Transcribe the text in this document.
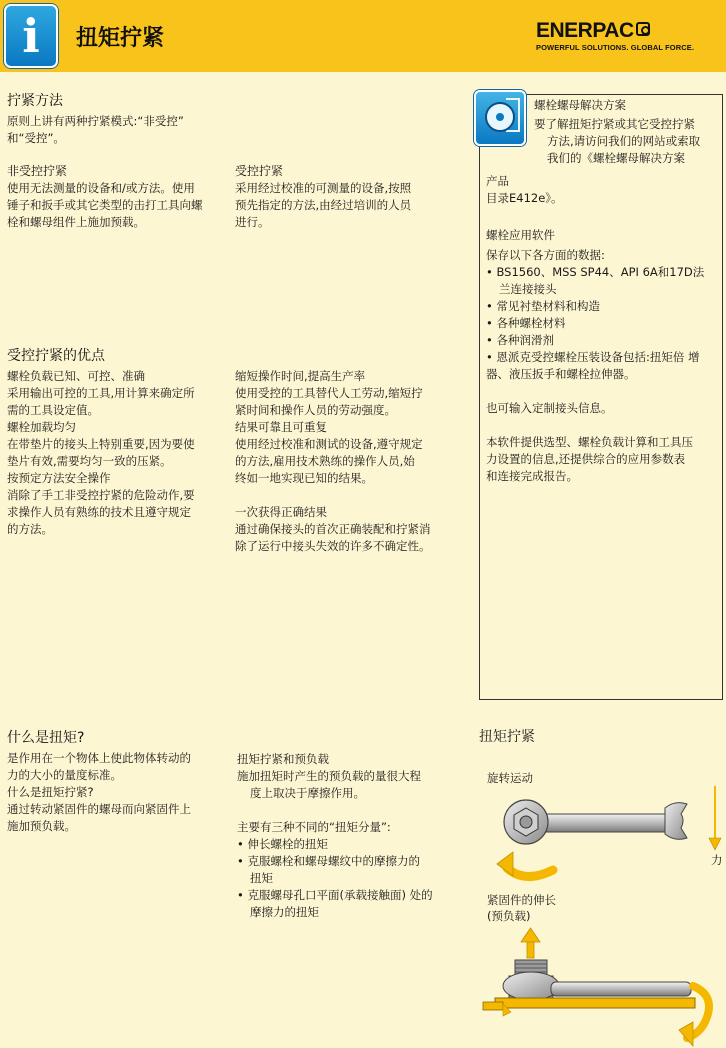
i	扭矩拧紧	ENERPAC
POWERFUL SOLUTIONS. GLOBAL FORCE.
拧紧方法

原则上讲有两种拧紧模式:“非受控”

和“受控”。

非受控拧紧

使用无法测量的设备和/或方法。使用

锤子和扳手或其它类型的击打工具向螺

栓和螺母组件上施加预载。

受控拧紧

采用经过校准的可测量的设备,按照

预先指定的方法,由经过培训的人员

进行。

受控拧紧的优点

螺栓负载已知、可控、准确

采用输出可控的工具,用计算来确定所

需的工具设定值。

螺栓加载均匀

在带垫片的接头上特别重要,因为要使

垫片有效,需要均匀一致的压紧。

按预定方法安全操作

消除了手工非受控拧紧的危险动作,要

求操作人员有熟练的技术且遵守规定

的方法。

缩短操作时间,提高生产率

使用受控的工具替代人工劳动,缩短拧

紧时间和操作人员的劳动强度。

结果可靠且可重复

使用经过校准和测试的设备,遵守规定

的方法,雇用技术熟练的操作人员,始

终如一地实现已知的结果。

一次获得正确结果

通过确保接头的首次正确装配和拧紧消

除了运行中接头失效的许多不确定性。

螺栓螺母解决方案

要了解扭矩拧紧或其它受控拧紧

方法,请访问我们的网站或索取

我们的《螺栓螺母解决方案

产品

目录E412e》。

螺栓应用软件

保存以下各方面的数据:

• BS1560、MSS SP44、API 6A和17D法
兰连接接头

• 常见衬垫材料和构造

• 各种螺栓材料

• 各种润滑剂

• 恩派克受控螺栓压装设备包括:扭矩倍 增

器、液压扳手和螺栓拉伸器。

也可输入定制接头信息。

本软件提供选型、螺栓负载计算和工具压

力设置的信息,还提供综合的应用参数表

和连接完成报告。

什么是扭矩?

是作用在一个物体上使此物体转动的

力的大小的量度标准。

什么是扭矩拧紧?

通过转动紧固件的螺母而向紧固件上

施加预负载。

扭矩拧紧和预负载

施加扭矩时产生的预负载的量很大程

度上取决于摩擦作用。

主要有三种不同的“扭矩分量”:

• 伸长螺栓的扭矩

• 克服螺栓和螺母螺纹中的摩擦力的
扭矩

• 克服螺母孔口平面(承载接触面) 处的
摩擦力的扭矩

扭矩拧紧
旋转运动
力
紧固件的伸长
(预负载)
